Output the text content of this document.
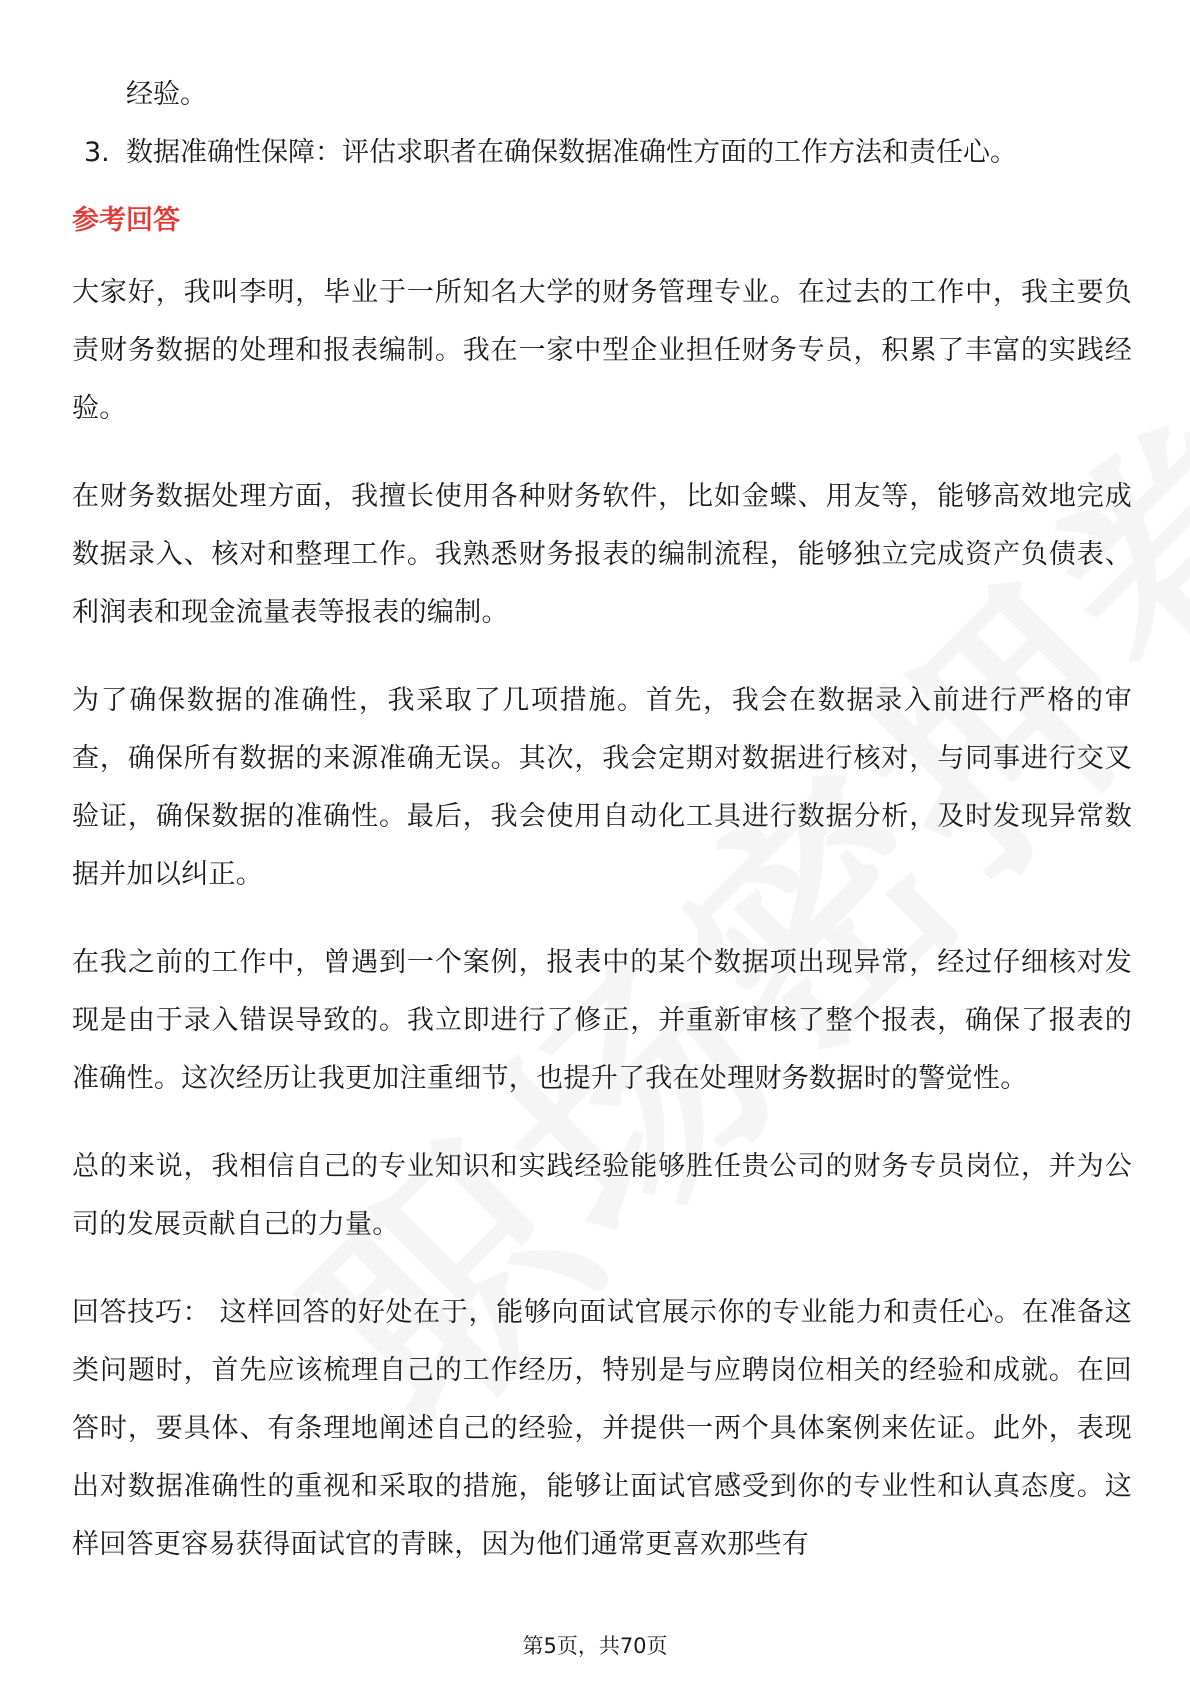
经验。

3. 数据准确性保障：评估求职者在确保数据准确性方面的工作方法和责任心。
参考回答

大家好，我叫李明，毕业于一所知名大学的财务管理专业。在过去的工作中，我主要负责财务数据的处理和报表编制。我在一家中型企业担任财务专员，积累了丰富的实践经验。

在财务数据处理方面，我擅长使用各种财务软件，比如金蝶、用友等，能够高效地完成数据录入、核对和整理工作。我熟悉财务报表的编制流程，能够独立完成资产负债表、利润表和现金流量表等报表的编制。

为了确保数据的准确性，我采取了几项措施。首先，我会在数据录入前进行严格的审查，确保所有数据的来源准确无误。其次，我会定期对数据进行核对，与同事进行交叉验证，确保数据的准确性。最后，我会使用自动化工具进行数据分析，及时发现异常数据并加以纠正。

在我之前的工作中，曾遇到一个案例，报表中的某个数据项出现异常，经过仔细核对发现是由于录入错误导致的。我立即进行了修正，并重新审核了整个报表，确保了报表的准确性。这次经历让我更加注重细节，也提升了我在处理财务数据时的警觉性。

总的来说，我相信自己的专业知识和实践经验能够胜任贵公司的财务专员岗位，并为公司的发展贡献自己的力量。

回答技巧： 这样回答的好处在于，能够向面试官展示你的专业能力和责任心。在准备这类问题时，首先应该梳理自己的工作经历，特别是与应聘岗位相关的经验和成就。在回答时，要具体、有条理地阐述自己的经验，并提供一两个具体案例来佐证。此外，表现出对数据准确性的重视和采取的措施，能够让面试官感受到你的专业性和认真态度。这样回答更容易获得面试官的青睐，因为他们通常更喜欢那些有

第5页，共70页
